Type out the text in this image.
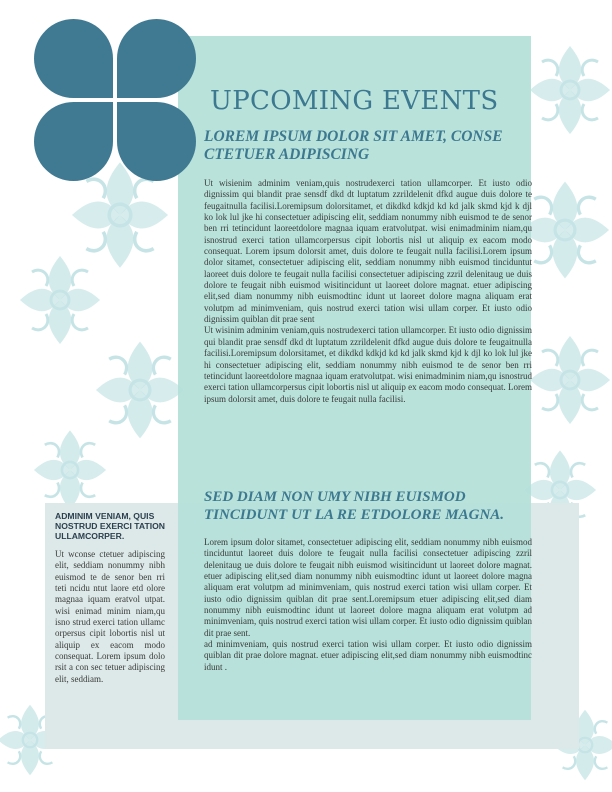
UPCOMING EVENTS
LOREM IPSUM DOLOR SIT AMET, CONSE CTETUER ADIPISCING

Ut wisienim adminim veniam,quis nostrudexerci tation ullamcorper. Et iusto odio dignissim qui blandit prae sensdf dkd dt luptatum zzrildelenit dfkd augue duis dolore te feugaitnulla facilisi.Loremipsum dolorsitamet, et dikdkd kdkjd kd kd jalk skmd kjd k djl ko lok lul jke hi consectetuer adipiscing elit, seddiam nonummy nibh euismod te de senor ben rri tetincidunt laoreetdolore magnaa iquam eratvolutpat. wisi enimadminim niam,qu isnostrud exerci tation ullamcorpersus cipit lobortis nisl ut aliquip ex eacom modo consequat. Lorem ipsum dolorsit amet, duis dolore te feugait nulla facilisi.Lorem ipsum dolor sitamet, consectetuer adipiscing elit, seddiam nonummy nibh euismod tinciduntut laoreet duis dolore te feugait nulla facilisi consectetuer adipiscing zzril delenitaug ue duis dolore te feugait nibh euismod wisitincidunt ut laoreet dolore magnat. etuer adipiscing elit,sed diam nonummy nibh euismodtinc idunt ut laoreet dolore magna aliquam erat volutpm ad minimveniam, quis nostrud exerci tation wisi ullam corper. Et iusto odio dignissim quiblan dit prae sent
Ut wisinim adminim veniam,quis nostrudexerci tation ullamcorper. Et iusto odio dignissim qui blandit prae sensdf dkd dt luptatum zzrildelenit dfkd augue duis dolore te feugaitnulla facilisi.Loremipsum dolorsitamet, et dikdkd kdkjd kd kd jalk skmd kjd k djl ko lok lul jke hi consectetuer adipiscing elit, seddiam nonummy nibh euismod te de senor ben rri tetincidunt laoreetdolore magnaa iquam eratvolutpat. wisi enimadminim niam,qu isnostrud exerci tation ullamcorpersus cipit lobortis nisl ut aliquip ex eacom modo consequat. Lorem ipsum dolorsit amet, duis dolore te feugait nulla facilisi.

SED DIAM NON UMY NIBH EUISMOD TINCIDUNT UT LA RE ETDOLORE MAGNA.

Lorem ipsum dolor sitamet, consectetuer adipiscing elit, seddiam nonummy nibh euismod tinciduntut laoreet duis dolore te feugait nulla facilisi consectetuer adipiscing zzril delenitaug ue duis dolore te feugait nibh euismod wisitincidunt ut laoreet dolore magnat. etuer adipiscing elit,sed diam nonummy nibh euismodtinc idunt ut laoreet dolore magna aliquam erat volutpm ad minimveniam, quis nostrud exerci tation wisi ullam corper. Et iusto odio dignissim quiblan dit prae sent.Loremipsum etuer adipiscing elit,sed diam nonummy nibh euismodtinc idunt ut laoreet dolore magna aliquam erat volutpm ad minimveniam, quis nostrud exerci tation wisi ullam corper. Et iusto odio dignissim quiblan dit prae sent.
ad minimveniam, quis nostrud exerci tation wisi ullam corper. Et iusto odio dignissim quiblan dit prae dolore magnat. etuer adipiscing elit,sed diam nonummy nibh euismodtinc idunt .

ADMINIM VENIAM, QUIS NOSTRUD EXERCI TATION ULLAMCORPER.

Ut wconse ctetuer adipiscing elit, seddiam nonummy nibh euismod te de senor ben rri teti ncidu ntut laore etd olore magnaa iquam eratvol utpat. wisi enimad minim niam,qu isno strud exerci tation ullamc orpersus cipit lobortis nisl ut aliquip ex eacom modo consequat. Lorem ipsum dolo rsit a con sec tetuer adipiscing elit, seddiam.
